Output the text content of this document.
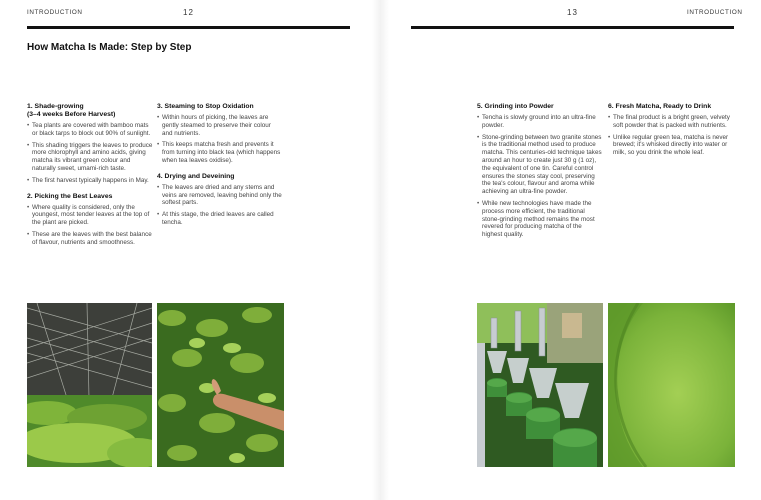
INTRODUCTION	12
How Matcha Is Made: Step by Step
1. Shade-growing
(3–4 weeks Before Harvest)
• Tea plants are covered with bamboo mats or black tarps to block out 90% of sunlight.
• This shading triggers the leaves to produce more chlorophyll and amino acids, giving matcha its vibrant green colour and naturally sweet, umami-rich taste.
• The first harvest typically happens in May.
2. Picking the Best Leaves
• Where quality is considered, only the youngest, most tender leaves at the top of the plant are picked.
• These are the leaves with the best balance of flavour, nutrients and smoothness.
3. Steaming to Stop Oxidation
• Within hours of picking, the leaves are gently steamed to preserve their colour and nutrients.
• This keeps matcha fresh and prevents it from turning into black tea (which happens when tea leaves oxidise).
4. Drying and Deveining
• The leaves are dried and any stems and veins are removed, leaving behind only the softest parts.
• At this stage, the dried leaves are called tencha.
13	INTRODUCTION
5. Grinding into Powder
• Tencha is slowly ground into an ultra-fine powder.
• Stone-grinding between two granite stones is the traditional method used to produce matcha. This centuries-old technique takes around an hour to create just 30 g (1 oz), the equivalent of one tin. Careful control ensures the stones stay cool, preserving the tea's colour, flavour and aroma while achieving an ultra-fine powder.
• While new technologies have made the process more efficient, the traditional stone-grinding method remains the most revered for producing matcha of the highest quality.
6. Fresh Matcha, Ready to Drink
• The final product is a bright green, velvety soft powder that is packed with nutrients.
• Unlike regular green tea, matcha is never brewed; it's whisked directly into water or milk, so you drink the whole leaf.
